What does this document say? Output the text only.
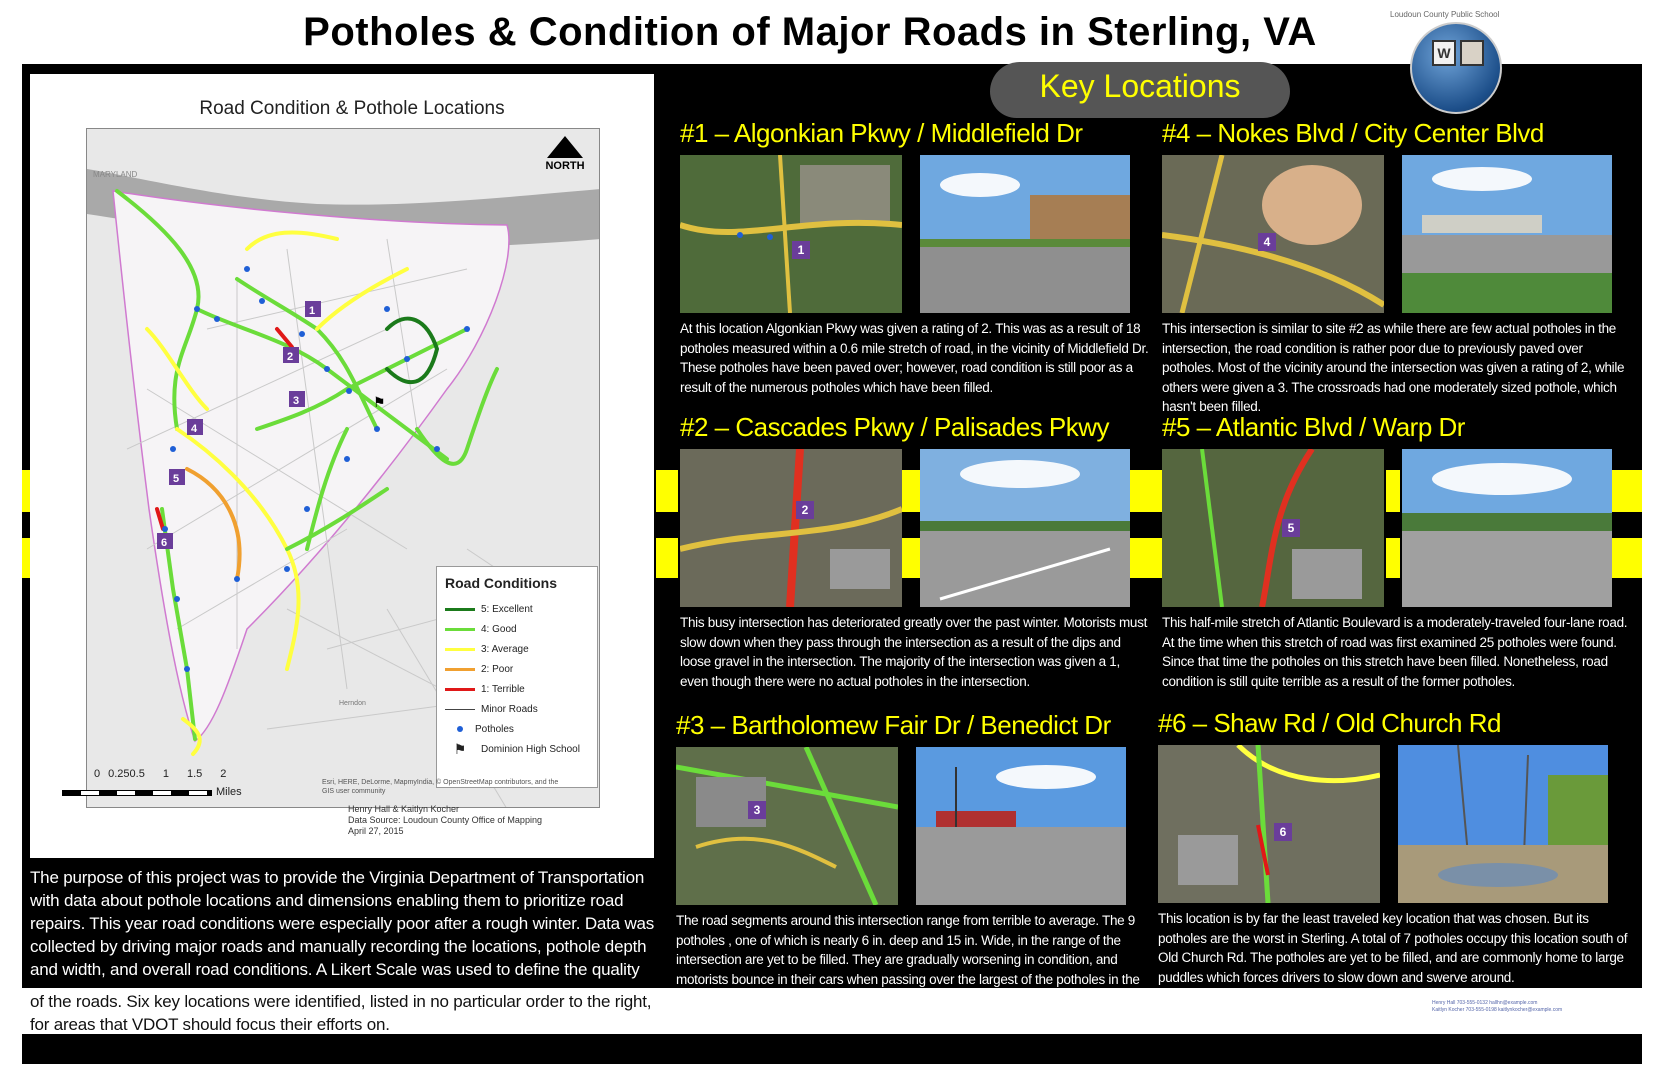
Potholes & Condition of Major Roads in Sterling, VA	Loudoun County Public School
W
Road Condition & Pothole Locations
MARYLAND
Herndon
1
2
3
4
5
6
⚑
NORTH
Road Conditions
5: Excellent
4: Good
3: Average
2: Poor
1: Terrible
Minor Roads
Potholes
⚑	Dominion High School
0 0.250.5 1 1.5 2
Miles
Esri, HERE, DeLorme, MapmyIndia, © OpenStreetMap contributors, and the GIS user community
Henry Hall & Kaitlyn Kocher
Data Source: Loudoun County Office of Mapping
April 27, 2015
The purpose of this project was to provide the Virginia Department of Transportation with data about pothole locations and dimensions enabling them to prioritize road repairs. This year road conditions were especially poor after a rough winter. Data was collected by driving major roads and manually recording the locations, pothole depth and width, and overall road conditions. A Likert Scale was used to define the quality
of the roads. Six key locations were identified, listed in no particular order to the right, for areas that VDOT should focus their efforts on.
Henry Hall 703-555-0132 hallhn@example.com
Kaitlyn Kocher 703-555-0198 kaitlynkocher@example.com
Key Locations
#1 – Algonkian Pkwy / Middlefield Dr
1

At this location Algonkian Pkwy was given a rating of 2. This was as a result of 18 potholes measured within a 0.6 mile stretch of road, in the vicinity of Middlefield Dr. These potholes have been paved over; however, road condition is still poor as a result of the numerous potholes which have been filled.

#2 – Cascades Pkwy / Palisades Pkwy
2

This busy intersection has deteriorated greatly over the past winter. Motorists must slow down when they pass through the intersection as a result of the dips and loose gravel in the intersection. The majority of the intersection was given a 1, even though there were no actual potholes in the intersection.

#3 – Bartholomew Fair Dr / Benedict Dr
3

The road segments around this intersection range from terrible to average. The 9 potholes , one of which is nearly 6 in. deep and 15 in. Wide, in the range of the intersection are yet to be filled. They are gradually worsening in condition, and motorists bounce in their cars when passing over the largest of the potholes in the intersection.

#4 – Nokes Blvd / City Center Blvd
4

This intersection is similar to site #2 as while there are few actual potholes in the intersection, the road condition is rather poor due to previously paved over potholes. Most of the vicinity around the intersection was given a rating of 2, while others were given a 3. The crossroads had one moderately sized pothole, which hasn't been filled.

#5 – Atlantic Blvd / Warp Dr
5

This half-mile stretch of Atlantic Boulevard is a moderately-traveled four-lane road. At the time when this stretch of road was first examined 25 potholes were found. Since that time the potholes on this stretch have been filled. Nonetheless, road condition is still quite terrible as a result of the former potholes.

#6 – Shaw Rd / Old Church Rd
6

This location is by far the least traveled key location that was chosen. But its potholes are the worst in Sterling. A total of 7 potholes occupy this location south of Old Church Rd. The potholes are yet to be filled, and are commonly home to large puddles which forces drivers to slow down and swerve around.
